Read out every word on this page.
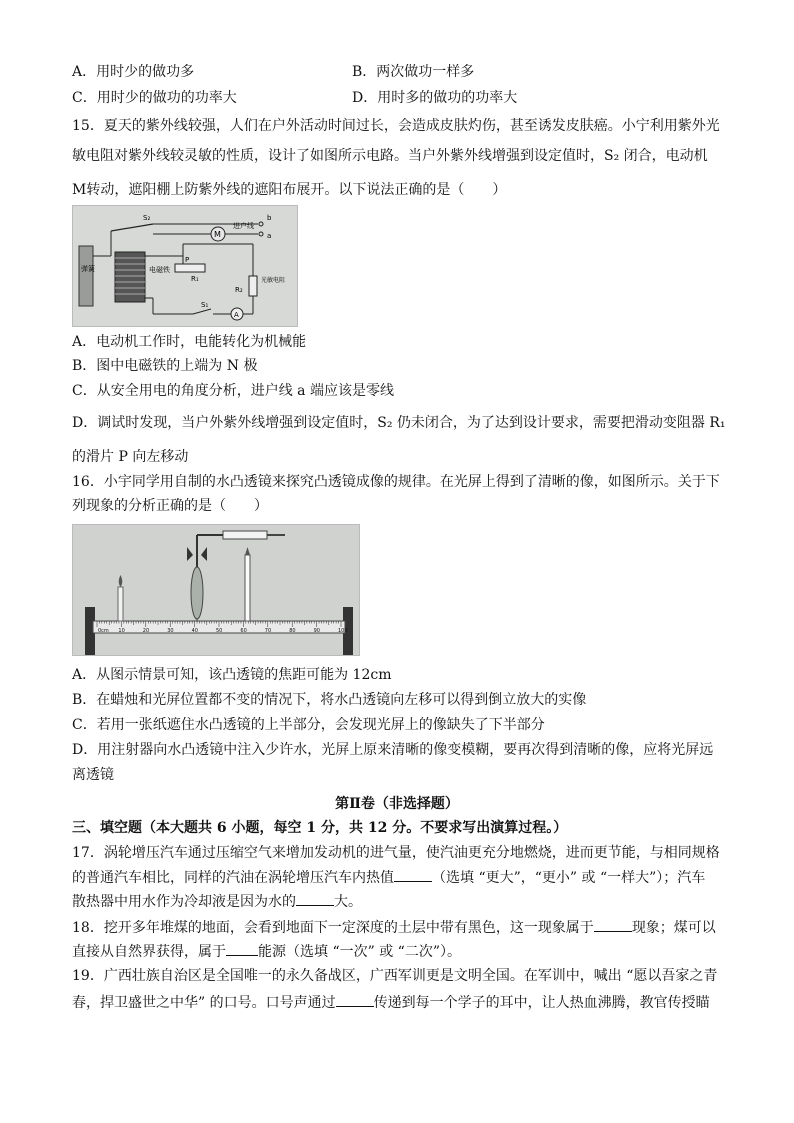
A．用时少的做功多	B．两次做功一样多
C．用时少的做功的功率大	D．用时多的做功的功率大
15．夏天的紫外线较强，人们在户外活动时间过长，会造成皮肤灼伤，甚至诱发皮肤癌。小宁利用紫外光
敏电阻对紫外线较灵敏的性质，设计了如图所示电路。当户外紫外线增强到设定值时，S₂ 闭合，电动机
M转动，遮阳棚上防紫外线的遮阳布展开。以下说法正确的是（　　）
b
a
进户线
M
S₂
弹簧	电磁铁
P
R₁
R₂
光敏电阻
S₁
A
A．电动机工作时，电能转化为机械能
B．图中电磁铁的上端为 N 极
C．从安全用电的角度分析，进户线 a 端应该是零线
D．调试时发现，当户外紫外线增强到设定值时，S₂ 仍未闭合，为了达到设计要求，需要把滑动变阻器 R₁
的滑片 P 向左移动
16．小宇同学用自制的水凸透镜来探究凸透镜成像的规律。在光屏上得到了清晰的像，如图所示。关于下
列现象的分析正确的是（　　）
0cm 10	20	30	40	50	60	70	80	90	100
A．从图示情景可知，该凸透镜的焦距可能为 12cm
B．在蜡烛和光屏位置都不变的情况下，将水凸透镜向左移可以得到倒立放大的实像
C．若用一张纸遮住水凸透镜的上半部分，会发现光屏上的像缺失了下半部分
D．用注射器向水凸透镜中注入少许水，光屏上原来清晰的像变模糊，要再次得到清晰的像，应将光屏远
离透镜
第Ⅱ卷（非选择题）
三、填空题（本大题共 6 小题，每空 1 分，共 12 分。不要求写出演算过程。）
17．涡轮增压汽车通过压缩空气来增加发动机的进气量，使汽油更充分地燃烧，进而更节能，与相同规格
的普通汽车相比，同样的汽油在涡轮增压汽车内热值	（选填 “更大”，“更小” 或 “一样大”）；汽车
散热器中用水作为冷却液是因为水的	大。
18．挖开多年堆煤的地面，会看到地面下一定深度的土层中带有黑色，这一现象属于	现象；煤可以
直接从自然界获得，属于 能源（选填 “一次” 或 “二次”）。
19．广西壮族自治区是全国唯一的永久备战区，广西军训更是文明全国。在军训中，喊出 “愿以吾家之青
春，捍卫盛世之中华” 的口号。口号声通过	传递到每一个学子的耳中，让人热血沸腾，教官传授瞄
